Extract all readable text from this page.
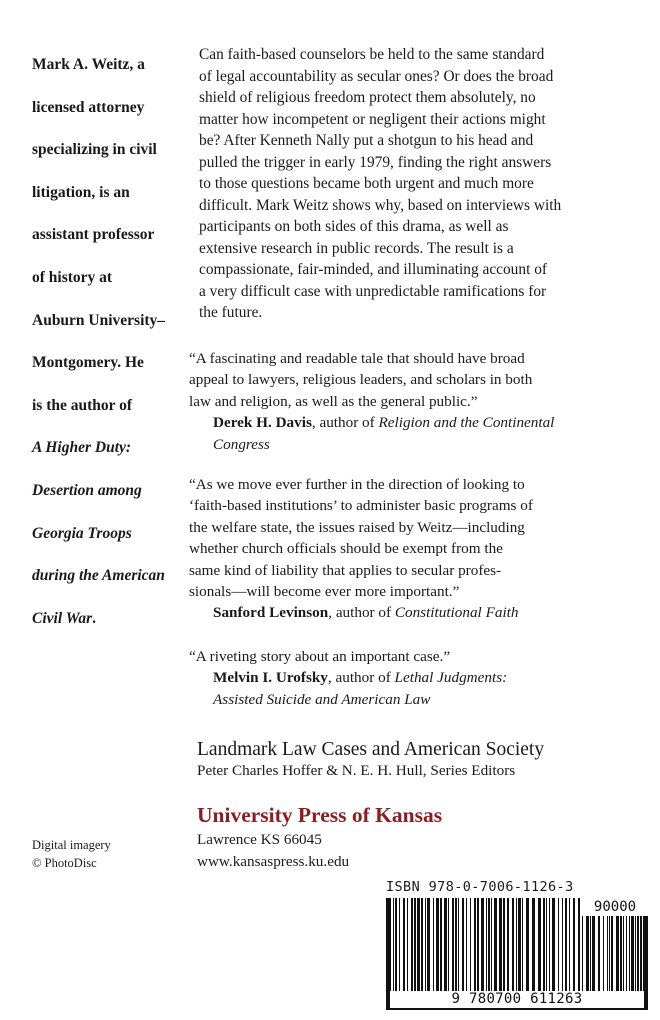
Mark A. Weitz, a
licensed attorney
specializing in civil
litigation, is an
assistant professor
of history at
Auburn University–
Montgomery. He
is the author of
A Higher Duty:
Desertion among
Georgia Troops
during the American
Civil War.

Can faith-based counselors be held to the same standard
of legal accountability as secular ones? Or does the broad
shield of religious freedom protect them absolutely, no
matter how incompetent or negligent their actions might
be? After Kenneth Nally put a shotgun to his head and
pulled the trigger in early 1979, finding the right answers
to those questions became both urgent and much more
difficult. Mark Weitz shows why, based on interviews with
participants on both sides of this drama, as well as
extensive research in public records. The result is a
compassionate, fair-minded, and illuminating account of
a very difficult case with unpredictable ramifications for
the future.

“A fascinating and readable tale that should have broad
appeal to lawyers, religious leaders, and scholars in both
law and religion, as well as the general public.”
Derek H. Davis, author of Religion and the Continental
Congress
“As we move ever further in the direction of looking to
‘faith-based institutions’ to administer basic programs of
the welfare state, the issues raised by Weitz—including
whether church officials should be exempt from the
same kind of liability that applies to secular profes-
sionals—will become ever more important.”
Sanford Levinson, author of Constitutional Faith
“A riveting story about an important case.”
Melvin I. Urofsky, author of Lethal Judgments:
Assisted Suicide and American Law
Landmark Law Cases and American Society
Peter Charles Hoffer & N. E. H. Hull, Series Editors
University Press of Kansas
Lawrence KS 66045
www.kansaspress.ku.edu
Digital imagery
© PhotoDisc
ISBN 978-0-7006-1126-3
90000
9 780700 611263
